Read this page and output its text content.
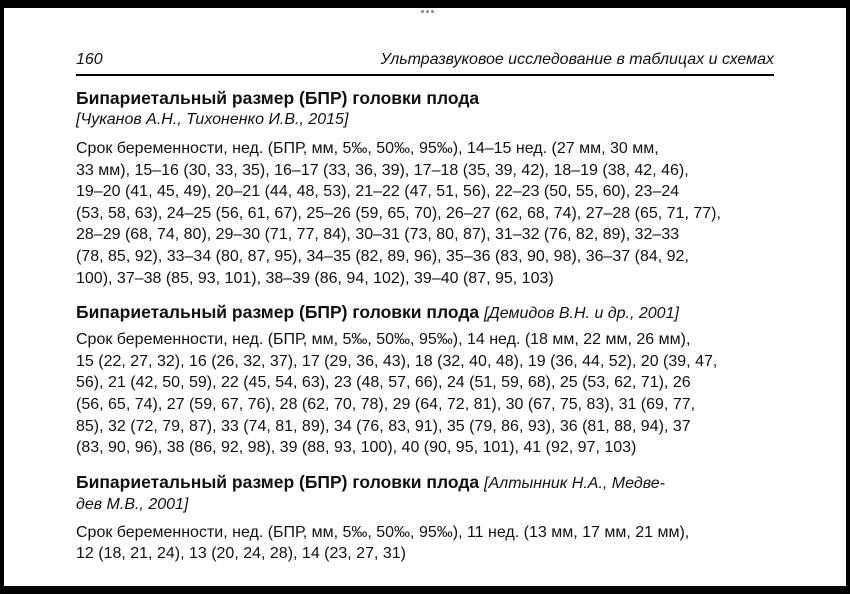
160	Ультразвуковое исследование в таблицах и схемах

Бипариетальный размер (БПР) головки плода

[Чуканов А.Н., Тихоненко И.В., 2015]

Срок беременности, нед. (БПР, мм, 5‰, 50‰, 95‰), 14–15 нед. (27 мм, 30 мм,
33 мм), 15–16 (30, 33, 35), 16–17 (33, 36, 39), 17–18 (35, 39, 42), 18–19 (38, 42, 46),
19–20 (41, 45, 49), 20–21 (44, 48, 53), 21–22 (47, 51, 56), 22–23 (50, 55, 60), 23–24
(53, 58, 63), 24–25 (56, 61, 67), 25–26 (59, 65, 70), 26–27 (62, 68, 74), 27–28 (65, 71, 77),
28–29 (68, 74, 80), 29–30 (71, 77, 84), 30–31 (73, 80, 87), 31–32 (76, 82, 89), 32–33
(78, 85, 92), 33–34 (80, 87, 95), 34–35 (82, 89, 96), 35–36 (83, 90, 98), 36–37 (84, 92,
100), 37–38 (85, 93, 101), 38–39 (86, 94, 102), 39–40 (87, 95, 103)

Бипариетальный размер (БПР) головки плода [Демидов В.Н. и др., 2001]

Срок беременности, нед. (БПР, мм, 5‰, 50‰, 95‰), 14 нед. (18 мм, 22 мм, 26 мм),
15 (22, 27, 32), 16 (26, 32, 37), 17 (29, 36, 43), 18 (32, 40, 48), 19 (36, 44, 52), 20 (39, 47,
56), 21 (42, 50, 59), 22 (45, 54, 63), 23 (48, 57, 66), 24 (51, 59, 68), 25 (53, 62, 71), 26
(56, 65, 74), 27 (59, 67, 76), 28 (62, 70, 78), 29 (64, 72, 81), 30 (67, 75, 83), 31 (69, 77,
85), 32 (72, 79, 87), 33 (74, 81, 89), 34 (76, 83, 91), 35 (79, 86, 93), 36 (81, 88, 94), 37
(83, 90, 96), 38 (86, 92, 98), 39 (88, 93, 100), 40 (90, 95, 101), 41 (92, 97, 103)

Бипариетальный размер (БПР) головки плода [Алтынник Н.А., Медве-

дев М.В., 2001]

Срок беременности, нед. (БПР, мм, 5‰, 50‰, 95‰), 11 нед. (13 мм, 17 мм, 21 мм),
12 (18, 21, 24), 13 (20, 24, 28), 14 (23, 27, 31)
